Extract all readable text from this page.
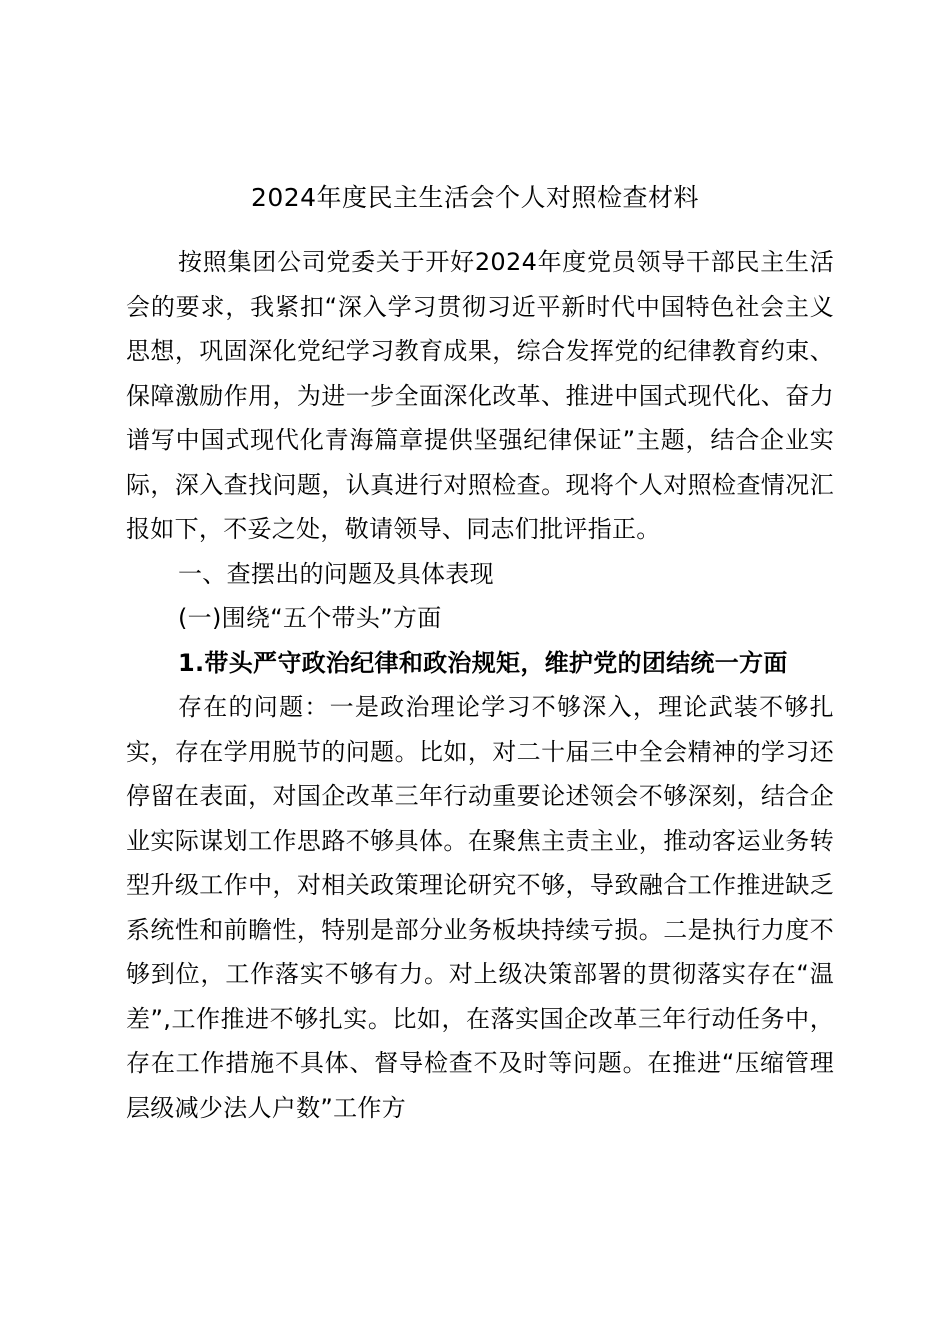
2024年度民主生活会个人对照检查材料

按照集团公司党委关于开好2024年度党员领导干部民主生活会的要求，我紧扣“深入学习贯彻习近平新时代中国特色社会主义思想，巩固深化党纪学习教育成果，综合发挥党的纪律教育约束、保障激励作用，为进一步全面深化改革、推进中国式现代化、奋力谱写中国式现代化青海篇章提供坚强纪律保证”主题，结合企业实际，深入查找问题，认真进行对照检查。现将个人对照检查情况汇报如下，不妥之处，敬请领导、同志们批评指正。

一、查摆出的问题及具体表现

(一)围绕“五个带头”方面

1.带头严守政治纪律和政治规矩，维护党的团结统一方面

存在的问题：一是政治理论学习不够深入，理论武装不够扎实，存在学用脱节的问题。比如，对二十届三中全会精神的学习还停留在表面，对国企改革三年行动重要论述领会不够深刻，结合企业实际谋划工作思路不够具体。在聚焦主责主业，推动客运业务转型升级工作中，对相关政策理论研究不够，导致融合工作推进缺乏系统性和前瞻性，特别是部分业务板块持续亏损。二是执行力度不够到位，工作落实不够有力。对上级决策部署的贯彻落实存在“温差”,工作推进不够扎实。比如，在落实国企改革三年行动任务中，存在工作措施不具体、督导检查不及时等问题。在推进“压缩管理层级减少法人户数”工作方
